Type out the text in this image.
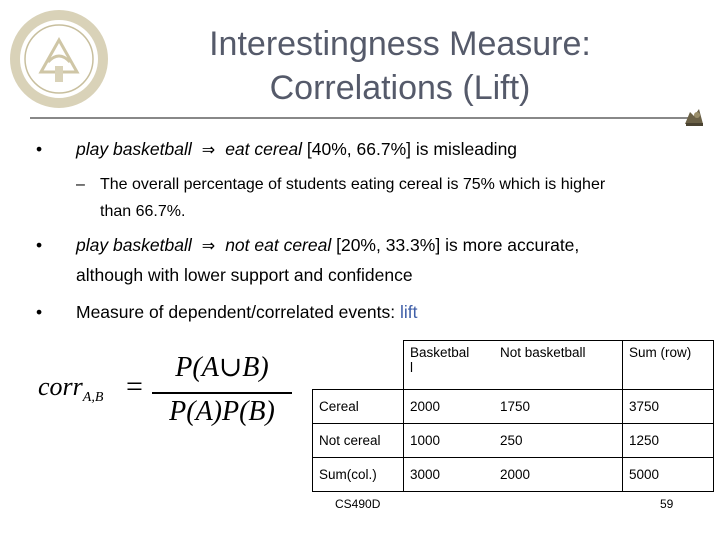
Interestingness Measure:
Correlations (Lift)
• play basketball ⇒ eat cereal [40%, 66.7%] is misleading
– The overall percentage of students eating cereal is 75% which is higher
than 66.7%.
• play basketball ⇒ not eat cereal [20%, 33.3%] is more accurate,
although with lower support and confidence
• Measure of dependent/correlated events: lift
corr$_{A,B}$ =
P(A∪B)
P(A)P(B)
	Basketbal
l	Not basketball	Sum (row)
Cereal	2000	1750	3750
Not cereal	1000	250	1250
Sum(col.)	3000	2000	5000
CS490D	59
